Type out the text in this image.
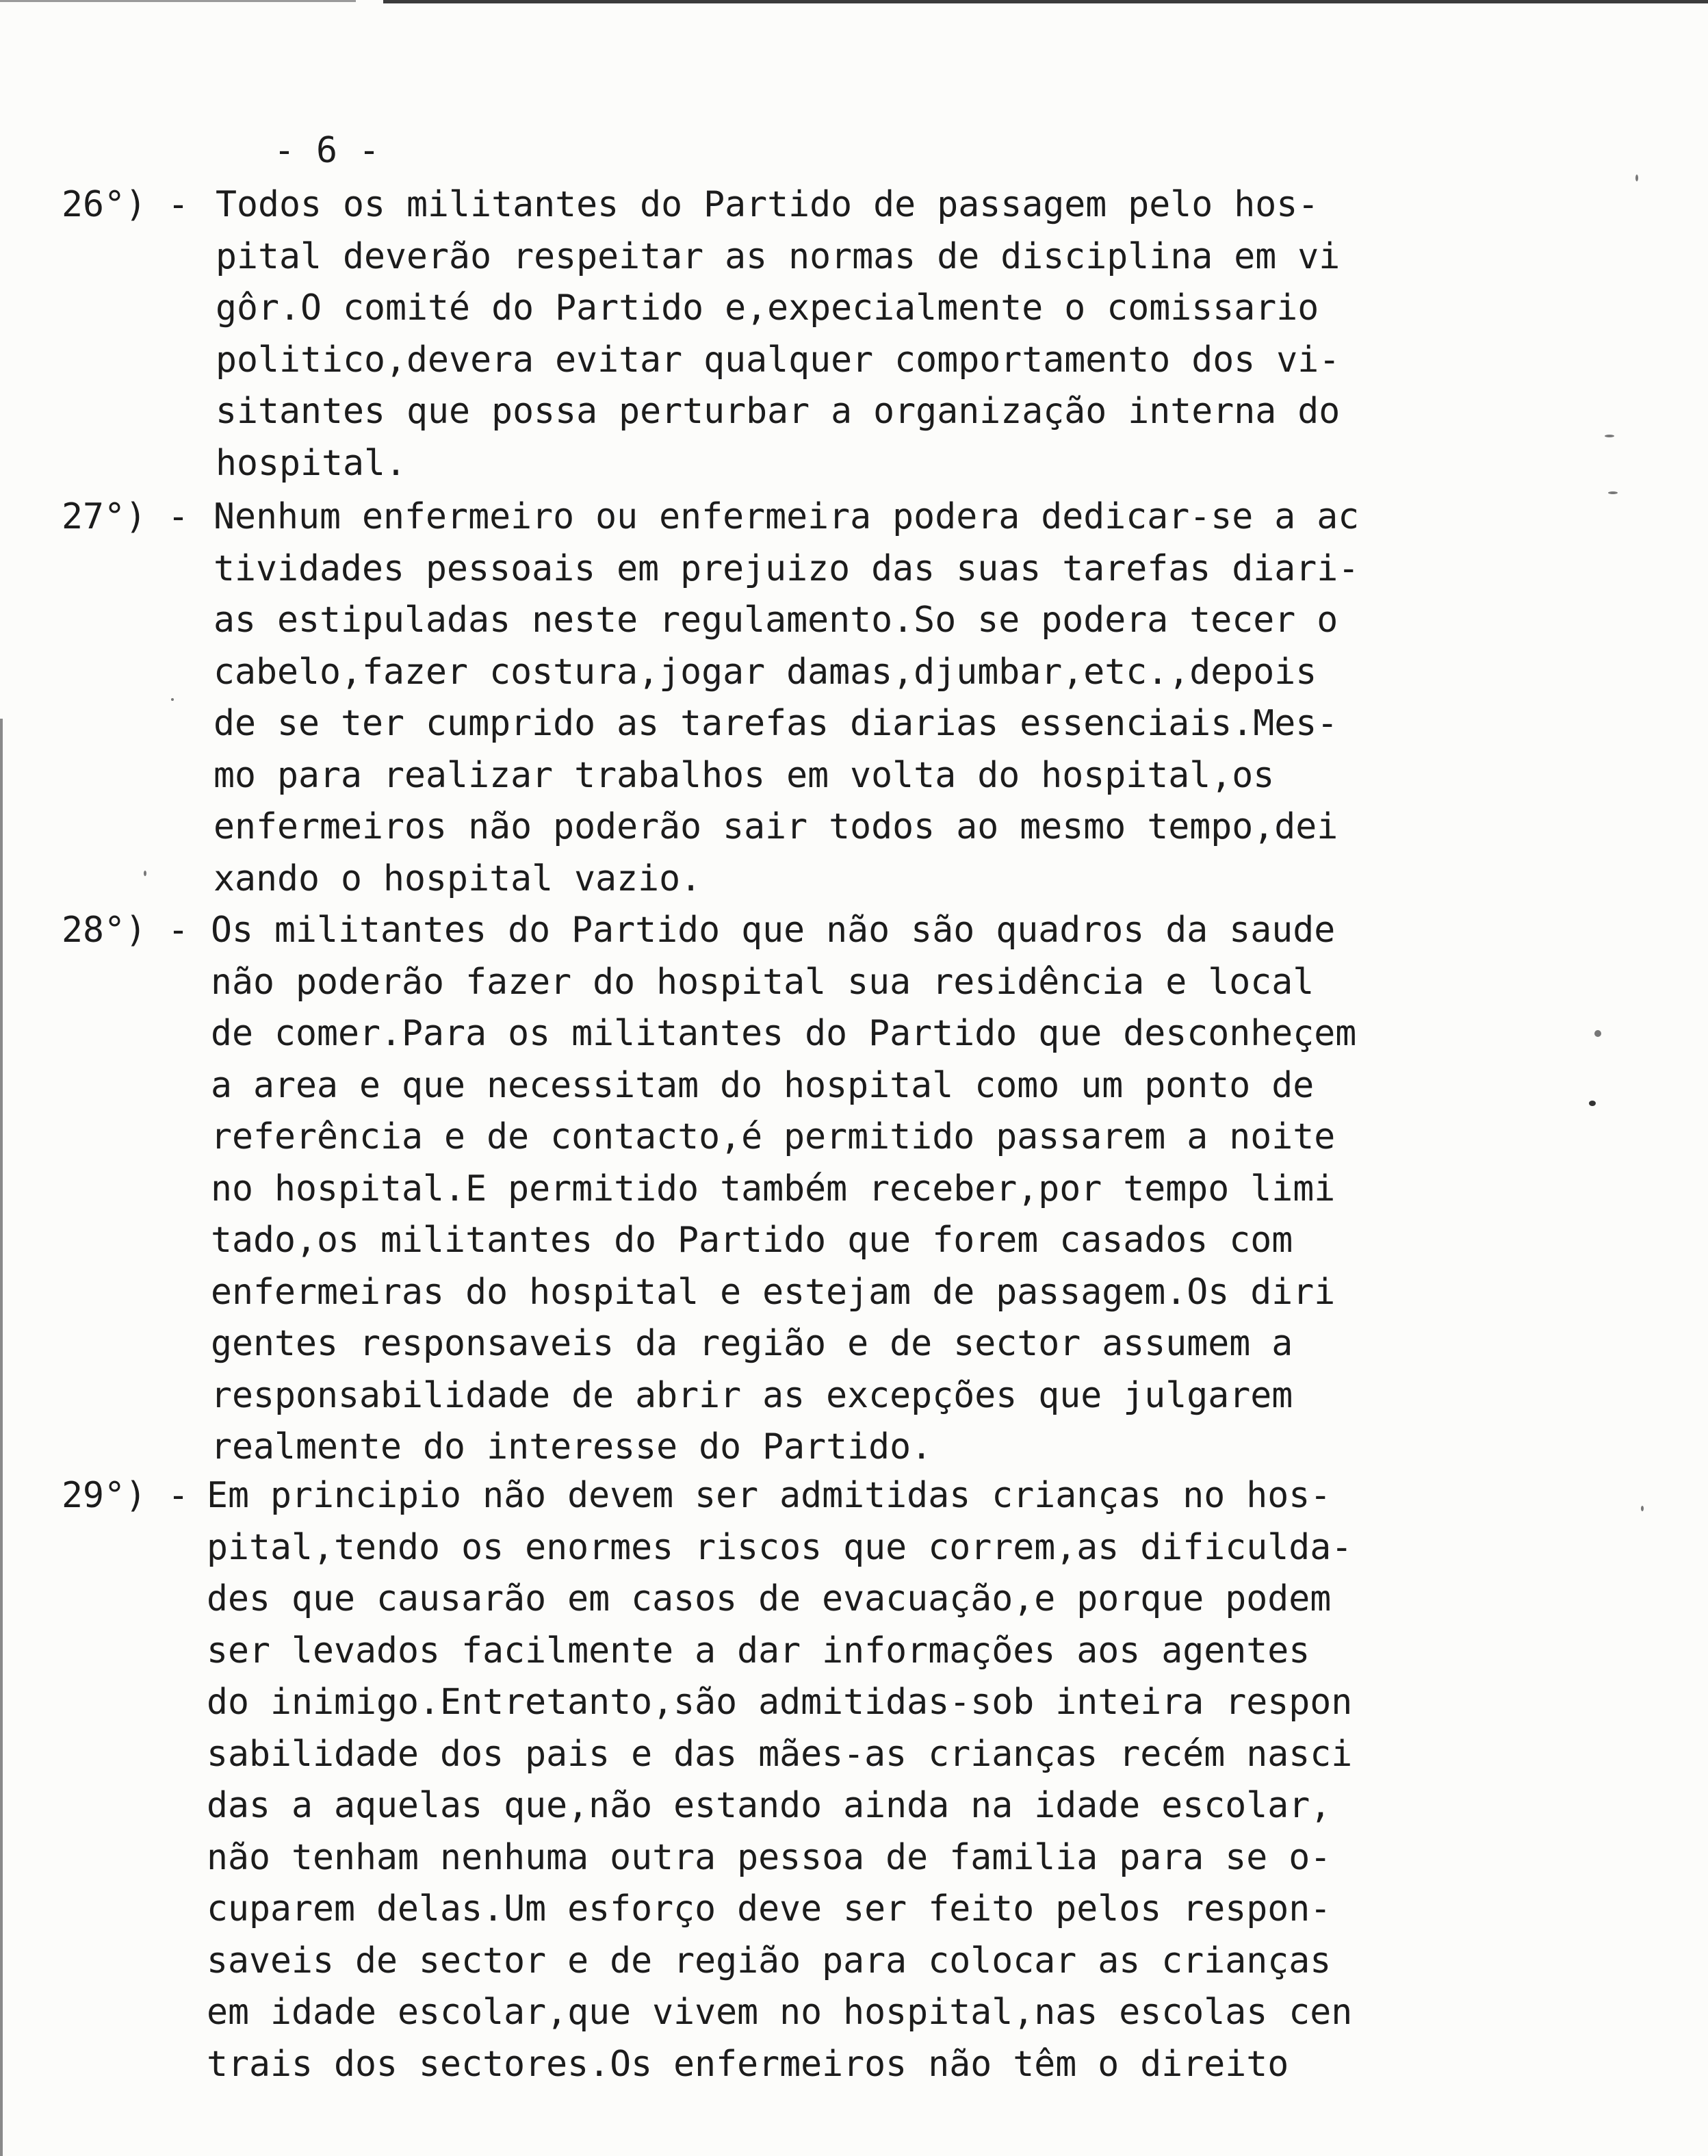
- 6 -
26°) - Todos os militantes do Partido de passagem pelo hos-
pital deverão respeitar as normas de disciplina em vi
gôr.O comité do Partido e,expecialmente o comissario
politico,devera evitar qualquer comportamento dos vi-
sitantes que possa perturbar a organização interna do
hospital.
27°) - Nenhum enfermeiro ou enfermeira podera dedicar-se a ac
tividades pessoais em prejuizo das suas tarefas diari-
as estipuladas neste regulamento.So se podera tecer o
cabelo,fazer costura,jogar damas,djumbar,etc.,depois
de se ter cumprido as tarefas diarias essenciais.Mes-
mo para realizar trabalhos em volta do hospital,os
enfermeiros não poderão sair todos ao mesmo tempo,dei
xando o hospital vazio.
28°) - Os militantes do Partido que não são quadros da saude
não poderão fazer do hospital sua residência e local
de comer.Para os militantes do Partido que desconheçem
a area e que necessitam do hospital como um ponto de
referência e de contacto,é permitido passarem a noite
no hospital.E permitido também receber,por tempo limi
tado,os militantes do Partido que forem casados com
enfermeiras do hospital e estejam de passagem.Os diri
gentes responsaveis da região e de sector assumem a
responsabilidade de abrir as excepções que julgarem
realmente do interesse do Partido.
29°) - Em principio não devem ser admitidas crianças no hos-
pital,tendo os enormes riscos que correm,as dificulda-
des que causarão em casos de evacuação,e porque podem
ser levados facilmente a dar informações aos agentes
do inimigo.Entretanto,são admitidas-sob inteira respon
sabilidade dos pais e das mães-as crianças recém nasci
das a aquelas que,não estando ainda na idade escolar,
não tenham nenhuma outra pessoa de familia para se o-
cuparem delas.Um esforço deve ser feito pelos respon-
saveis de sector e de região para colocar as crianças
em idade escolar,que vivem no hospital,nas escolas cen
trais dos sectores.Os enfermeiros não têm o direito
